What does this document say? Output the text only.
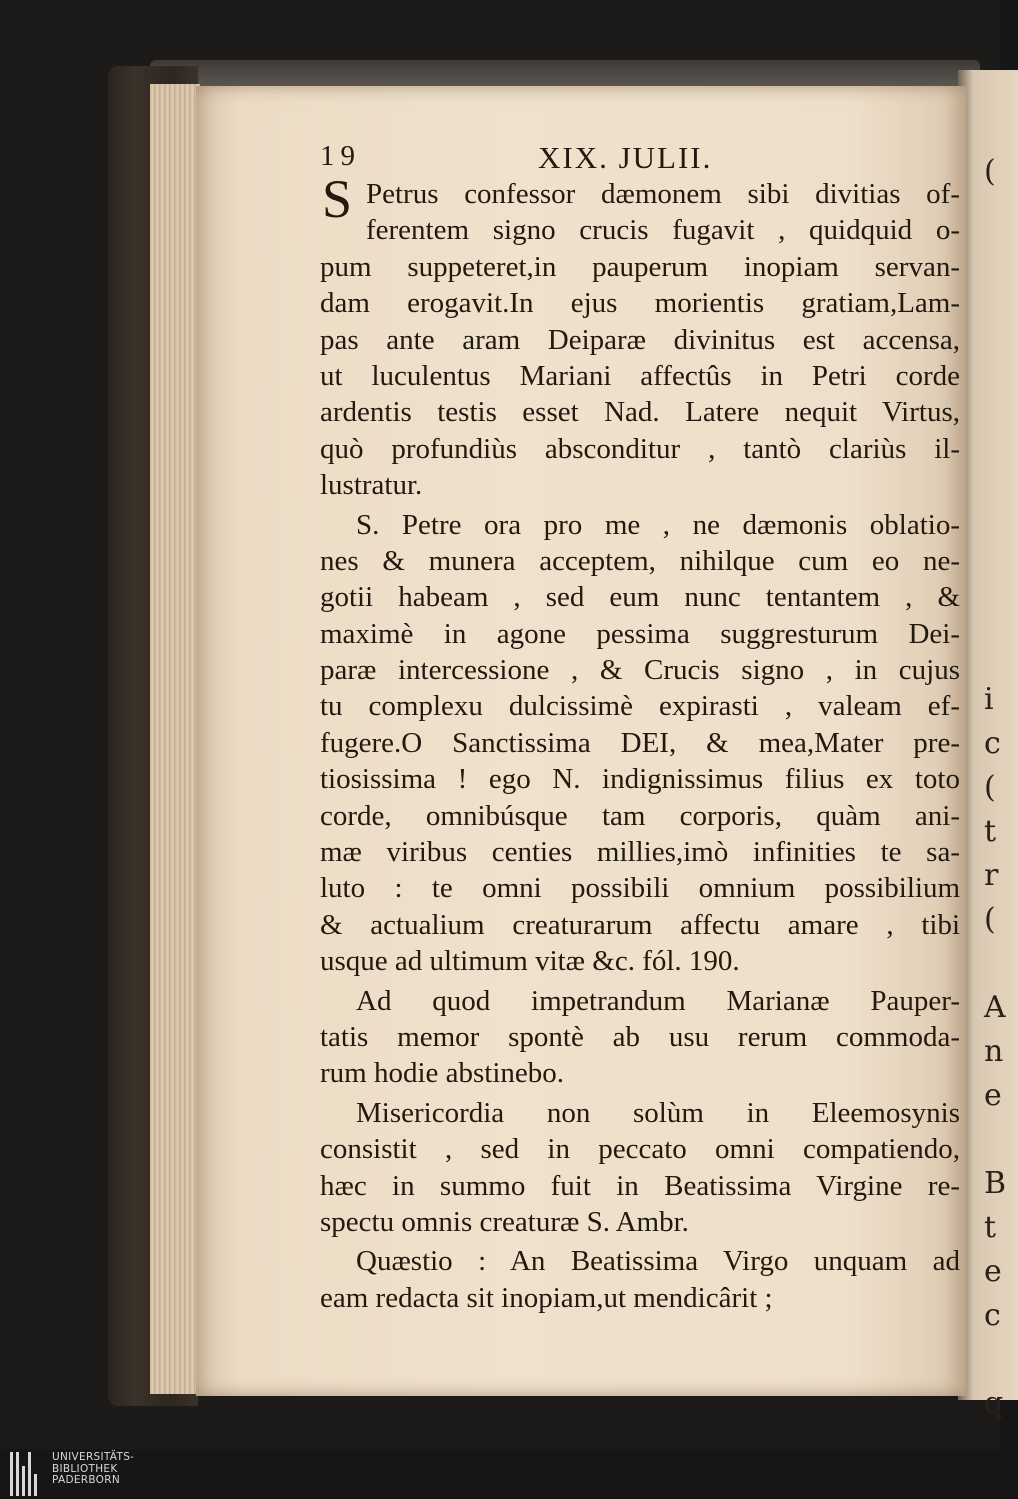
(
i
c
(
t
r
(
A
n
e
B
t
e
c
q
19	XIX. JULII.
S Petrus confessor dæmonem sibi divitias of-
ferentem signo crucis fugavit , quidquid o-
pum suppeteret,in pauperum inopiam servan-
dam erogavit.In ejus morientis gratiam,Lam-
pas ante aram Deiparæ divinitus est accensa,
ut luculentus Mariani affectûs in Petri corde
ardentis testis esset Nad. Latere nequit Virtus,
quò profundiùs absconditur , tantò clariùs il-
lustratur.
S. Petre ora pro me , ne dæmonis oblatio-
nes & munera acceptem, nihilque cum eo ne-
gotii habeam , sed eum nunc tentantem , &
maximè in agone pessima suggresturum Dei-
paræ intercessione , & Crucis signo , in cujus
tu complexu dulcissimè expirasti , valeam ef-
fugere.O Sanctissima DEI, & mea,Mater pre-
tiosissima ! ego N. indignissimus filius ex toto
corde, omnibúsque tam corporis, quàm ani-
mæ viribus centies millies,imò infinities te sa-
luto : te omni possibili omnium possibilium
& actualium creaturarum affectu amare , tibi
usque ad ultimum vitæ &c. fól. 190.
Ad quod impetrandum Marianæ Pauper-
tatis memor spontè ab usu rerum commoda-
rum hodie abstinebo.
Misericordia non solùm in Eleemosynis
consistit , sed in peccato omni compatiendo,
hæc in summo fuit in Beatissima Virgine re-
spectu omnis creaturæ S. Ambr.
Quæstio : An Beatissima Virgo unquam ad
eam redacta sit inopiam,ut mendicârit ;
UNIVERSITÄTS-
BIBLIOTHEK
PADERBORN
